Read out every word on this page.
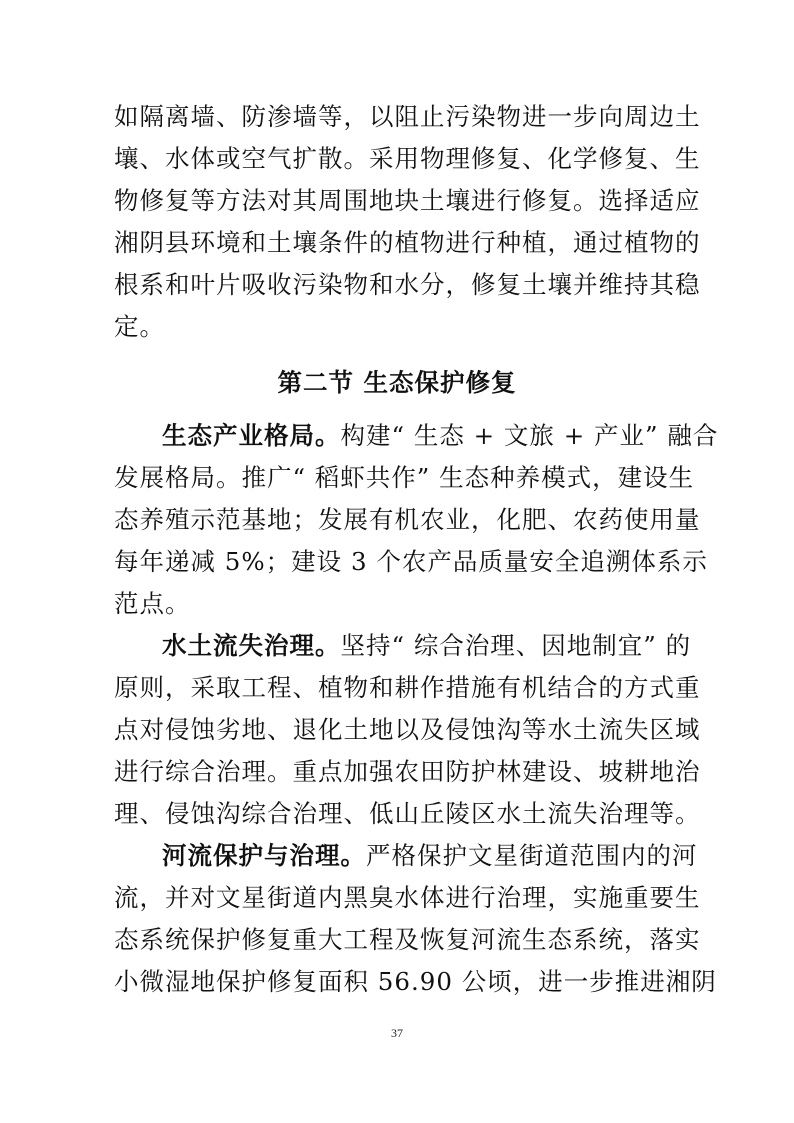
如隔离墙、防渗墙等，以阻止污染物进一步向周边土
壤、水体或空气扩散。采用物理修复、化学修复、生
物修复等方法对其周围地块土壤进行修复。选择适应
湘阴县环境和土壤条件的植物进行种植，通过植物的
根系和叶片吸收污染物和水分，修复土壤并维持其稳
定。
第二节 生态保护修复
生态产业格局。 构建“ 生态 + 文旅 + 产业” 融合
发展格局。推广“ 稻虾共作” 生态种养模式，建设生
态养殖示范基地；发展有机农业，化肥、农药使用量
每年递减 5%；建设 3 个农产品质量安全追溯体系示
范点。
水土流失治理。 坚持“ 综合治理、因地制宜” 的
原则，采取工程、植物和耕作措施有机结合的方式重
点对侵蚀劣地、退化土地以及侵蚀沟等水土流失区域
进行综合治理。重点加强农田防护林建设、坡耕地治
理、侵蚀沟综合治理、低山丘陵区水土流失治理等。
河流保护与治理。 严格保护文星街道范围内的河
流，并对文星街道内黑臭水体进行治理，实施重要生
态系统保护修复重大工程及恢复河流生态系统，落实
小微湿地保护修复面积 56.90 公顷，进一步推进湘阴
37
